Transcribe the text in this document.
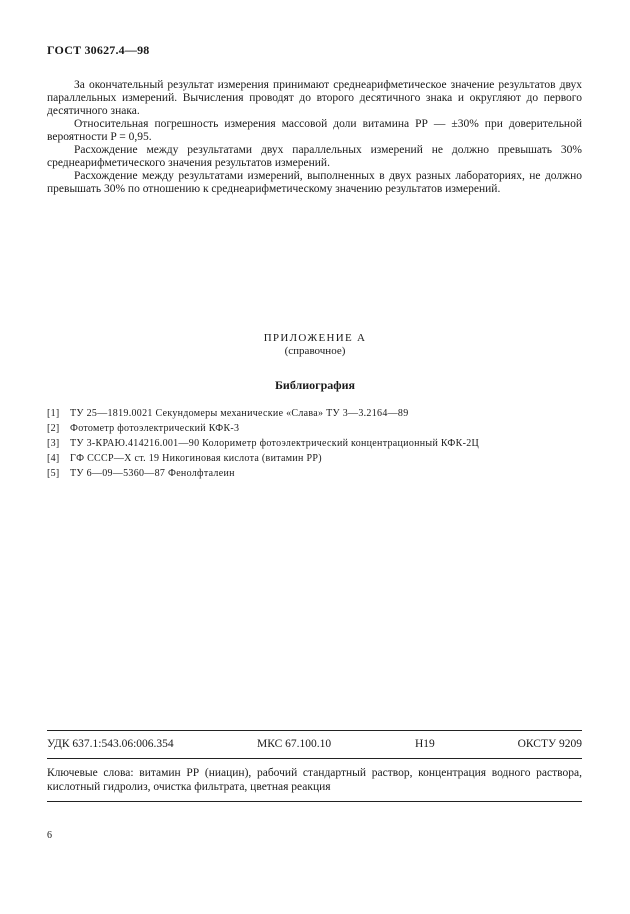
ГОСТ 30627.4—98

За окончательный результат измерения принимают среднеарифметическое значение результатов двух параллельных измерений. Вычисления проводят до второго десятичного знака и округляют до первого десятичного знака.

Относительная погрешность измерения массовой доли витамина РР — ±30% при доверительной вероятности P = 0,95.

Расхождение между результатами двух параллельных измерений не должно превышать 30% среднеарифметического значения результатов измерений.

Расхождение между результатами измерений, выполненных в двух разных лабораториях, не должно превышать 30% по отношению к среднеарифметическому значению результатов измерений.

ПРИЛОЖЕНИЕ А
(справочное)
Библиография
[1] ТУ 25—1819.0021 Секундомеры механические «Слава» ТУ 3—3.2164—89
[2] Фотометр фотоэлектрический КФК-3
[3] ТУ 3-КРАЮ.414216.001—90 Колориметр фотоэлектрический концентрационный КФК-2Ц
[4] ГФ СССР—Х ст. 19 Никогиновая кислота (витамин РР)
[5] ТУ 6—09—5360—87 Фенолфталеин
УДК 637.1:543.06:006.354	МКС 67.100.10	Н19	ОКСТУ 9209
Ключевые слова: витамин РР (ниацин), рабочий стандартный раствор, концентрация водного раствора, кислотный гидролиз, очистка фильтрата, цветная реакция
6
